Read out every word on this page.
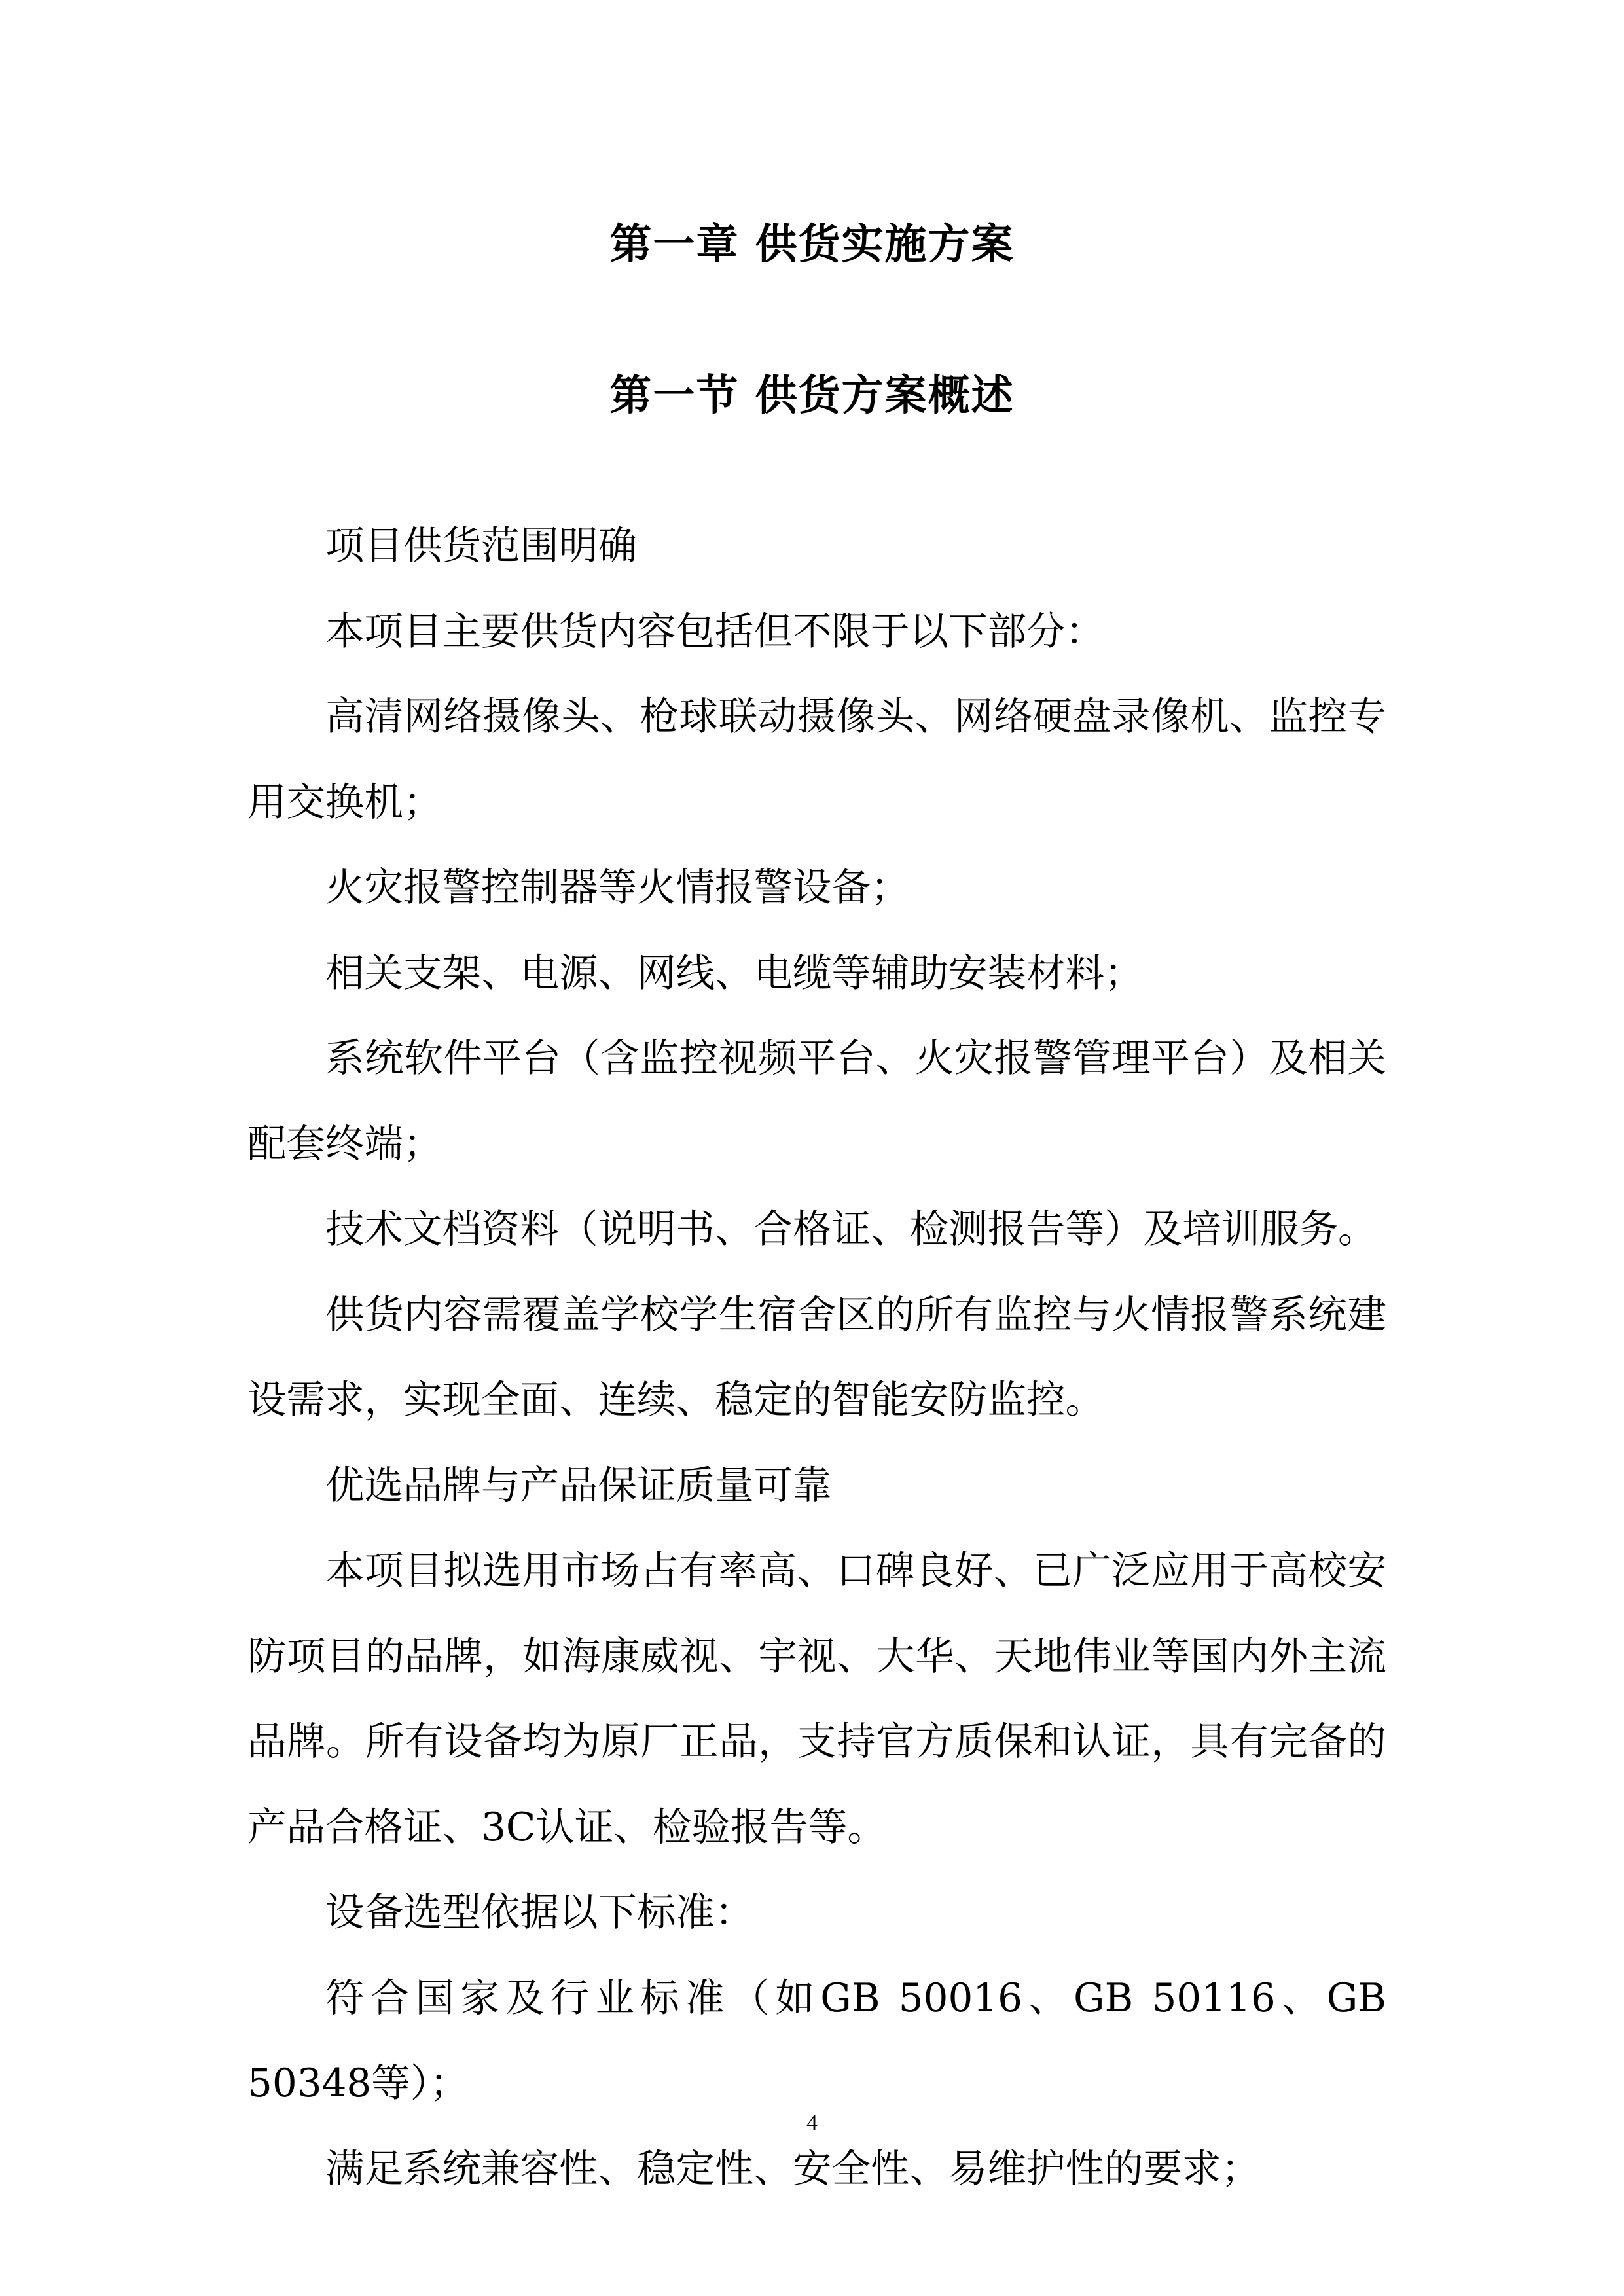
第一章 供货实施方案
第一节 供货方案概述

项目供货范围明确

本项目主要供货内容包括但不限于以下部分：

高清网络摄像头、枪球联动摄像头、网络硬盘录像机、监控专用交换机；

火灾报警控制器等火情报警设备；

相关支架、电源、网线、电缆等辅助安装材料；

系统软件平台（含监控视频平台、火灾报警管理平台）及相关配套终端；

技术文档资料（说明书、合格证、检测报告等）及培训服务。

供货内容需覆盖学校学生宿舍区的所有监控与火情报警系统建设需求，实现全面、连续、稳定的智能安防监控。

优选品牌与产品保证质量可靠

本项目拟选用市场占有率高、口碑良好、已广泛应用于高校安防项目的品牌，如海康威视、宇视、大华、天地伟业等国内外主流品牌。所有设备均为原厂正品，支持官方质保和认证，具有完备的产品合格证、3C认证、检验报告等。

设备选型依据以下标准：

符合国家及行业标准（如GB 50016、GB 50116、GB 50348等）；

满足系统兼容性、稳定性、安全性、易维护性的要求；

4
